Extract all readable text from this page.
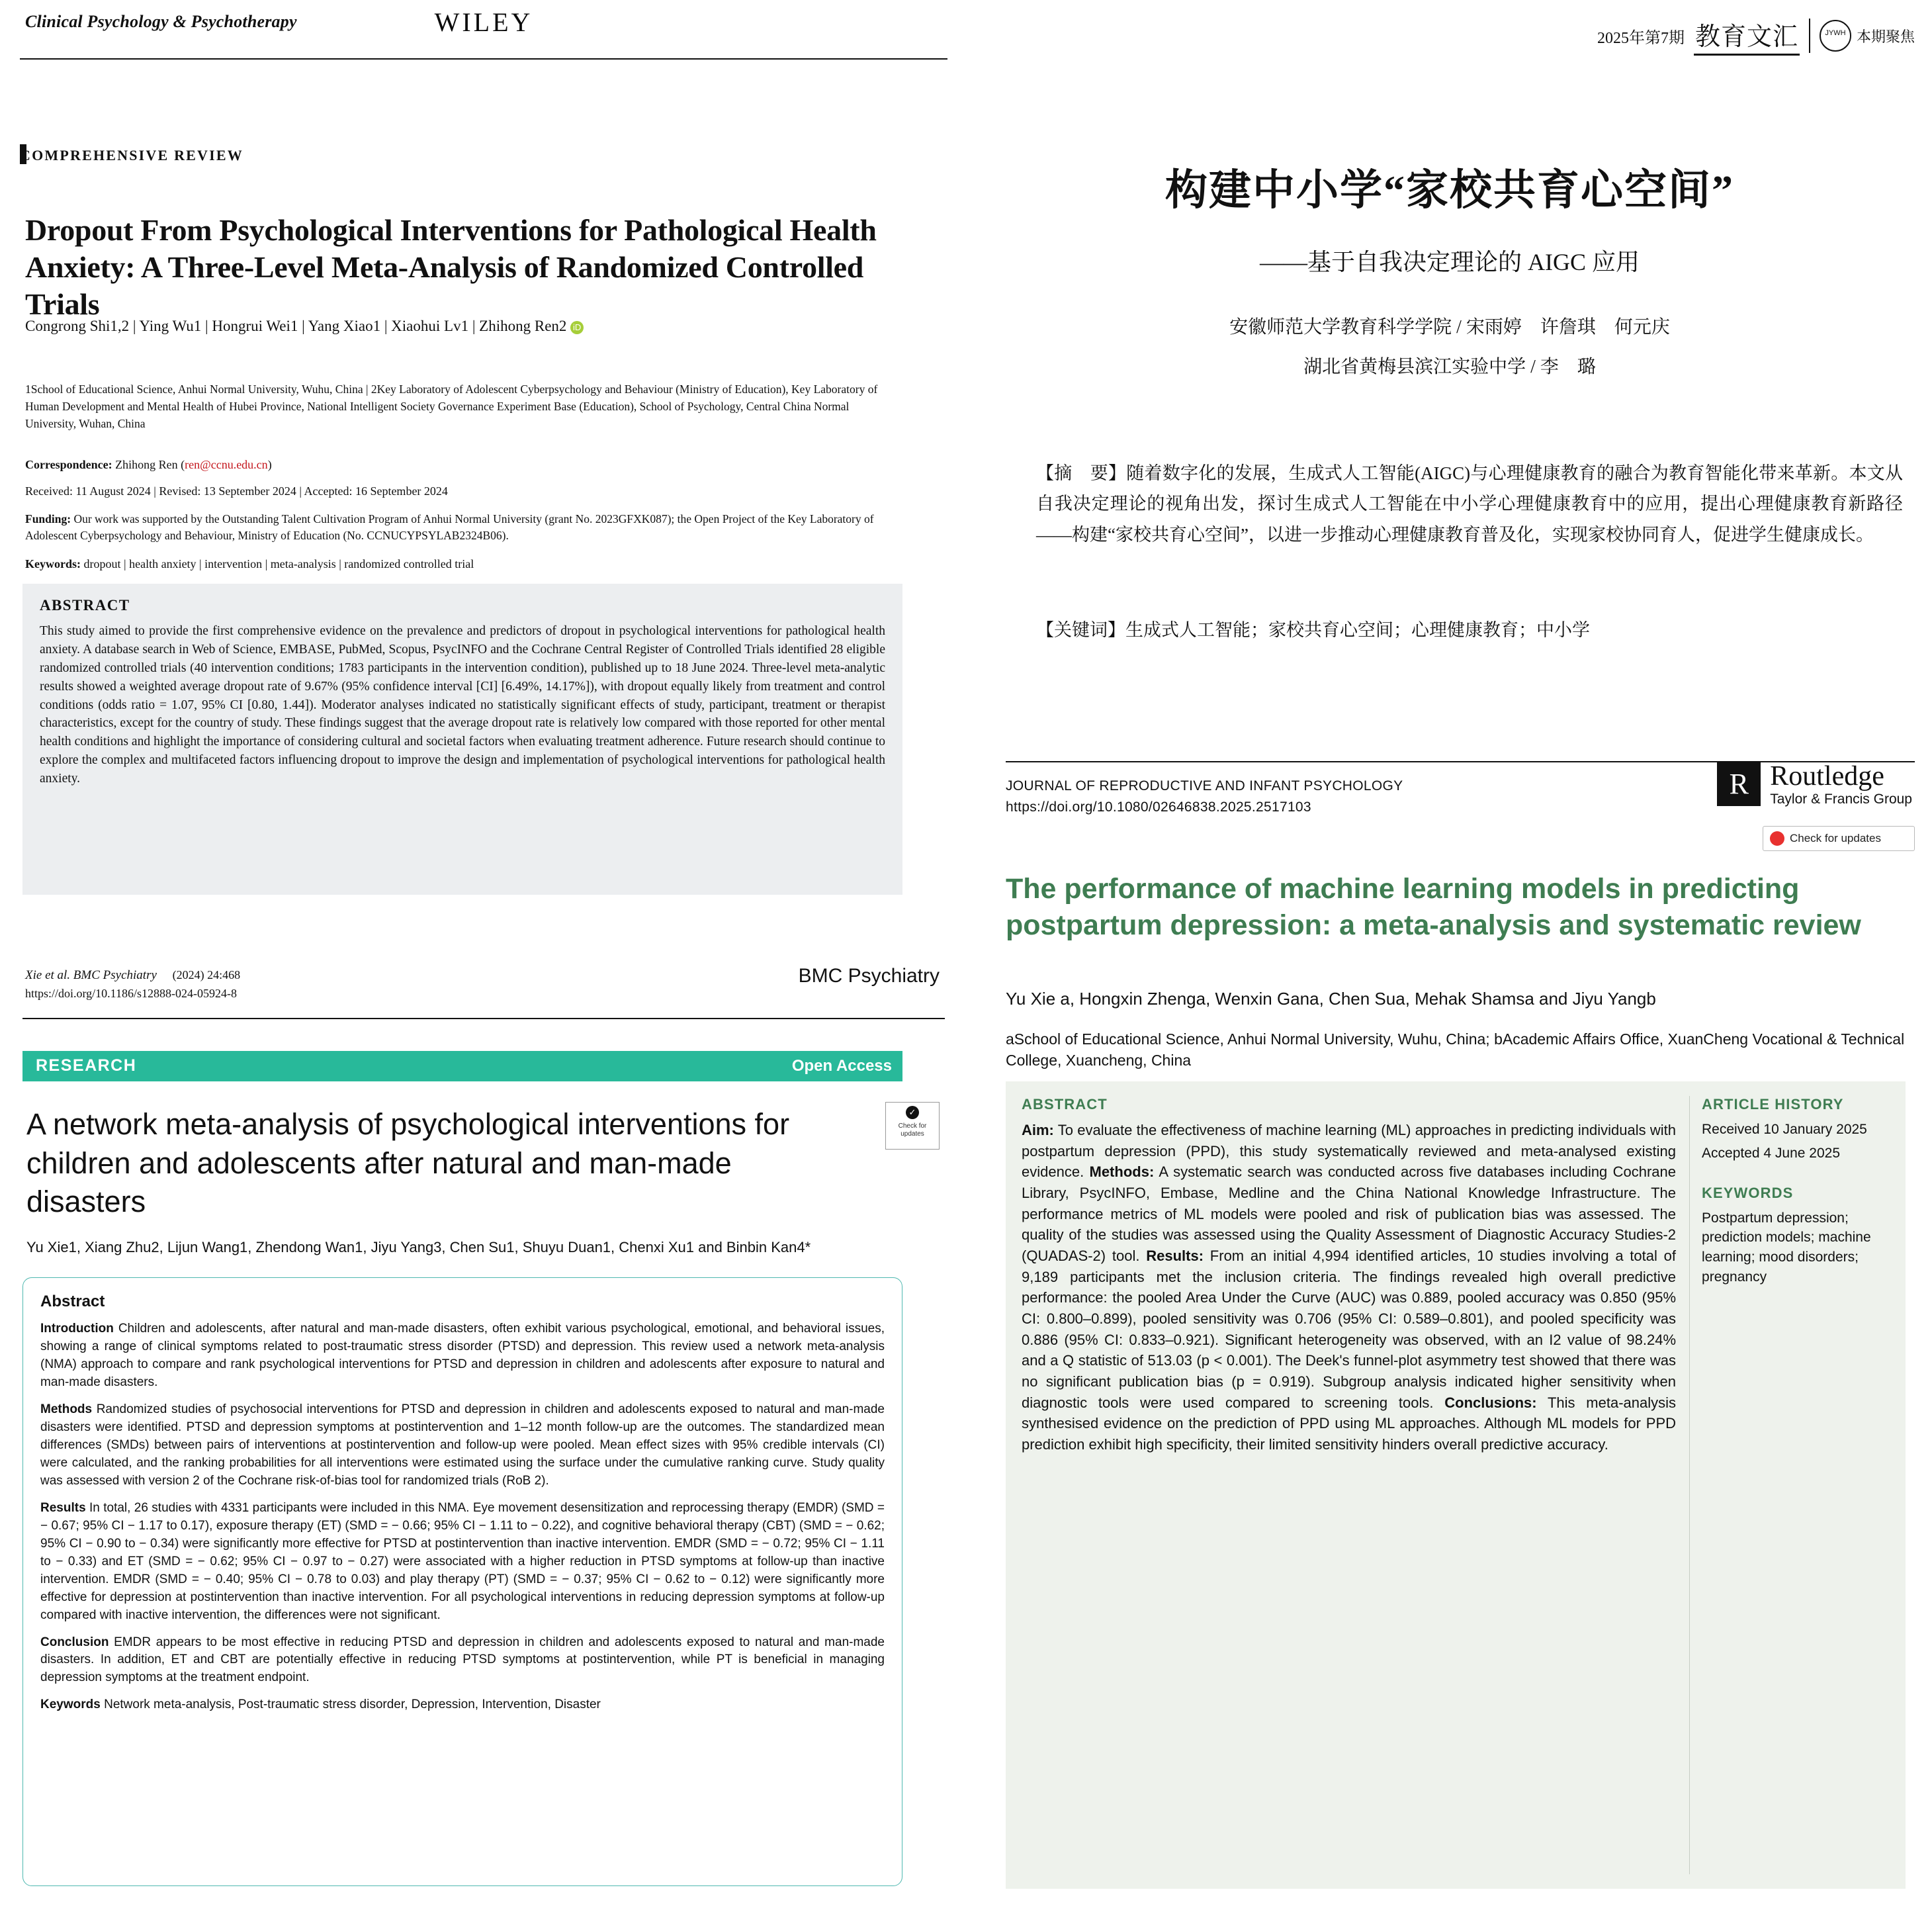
Clinical Psychology & Psychotherapy	WILEY
COMPREHENSIVE REVIEW
Dropout From Psychological Interventions for Pathological Health Anxiety: A Three-Level Meta-Analysis of Randomized Controlled Trials
Congrong Shi1,2 | Ying Wu1 | Hongrui Wei1 | Yang Xiao1 | Xiaohui Lv1 | Zhihong Ren2 iD
1School of Educational Science, Anhui Normal University, Wuhu, China | 2Key Laboratory of Adolescent Cyberpsychology and Behaviour (Ministry of Education), Key Laboratory of Human Development and Mental Health of Hubei Province, National Intelligent Society Governance Experiment Base (Education), School of Psychology, Central China Normal University, Wuhan, China
Correspondence: Zhihong Ren (ren@ccnu.edu.cn)
Received: 11 August 2024 | Revised: 13 September 2024 | Accepted: 16 September 2024
Funding: Our work was supported by the Outstanding Talent Cultivation Program of Anhui Normal University (grant No. 2023GFXK087); the Open Project of the Key Laboratory of Adolescent Cyberpsychology and Behaviour, Ministry of Education (No. CCNUCYPSYLAB2324B06).
Keywords: dropout | health anxiety | intervention | meta-analysis | randomized controlled trial
ABSTRACT

This study aimed to provide the first comprehensive evidence on the prevalence and predictors of dropout in psychological interventions for pathological health anxiety. A database search in Web of Science, EMBASE, PubMed, Scopus, PsycINFO and the Cochrane Central Register of Controlled Trials identified 28 eligible randomized controlled trials (40 intervention conditions; 1783 participants in the intervention condition), published up to 18 June 2024. Three-level meta-analytic results showed a weighted average dropout rate of 9.67% (95% confidence interval [CI] [6.49%, 14.17%]), with dropout equally likely from treatment and control conditions (odds ratio = 1.07, 95% CI [0.80, 1.44]). Moderator analyses indicated no statistically significant effects of study, participant, treatment or therapist characteristics, except for the country of study. These findings suggest that the average dropout rate is relatively low compared with those reported for other mental health conditions and highlight the importance of considering cultural and societal factors when evaluating treatment adherence. Future research should continue to explore the complex and multifaceted factors influencing dropout to improve the design and implementation of psychological interventions for pathological health anxiety.

Xie et al. BMC Psychiatry (2024) 24:468
https://doi.org/10.1186/s12888-024-05924-8
BMC Psychiatry
RESEARCH	Open Access
A network meta-analysis of psychological interventions for children and adolescents after natural and man-made disasters
✓
Check for updates
Yu Xie1, Xiang Zhu2, Lijun Wang1, Zhendong Wan1, Jiyu Yang3, Chen Su1, Shuyu Duan1, Chenxi Xu1 and Binbin Kan4*
Abstract

Introduction Children and adolescents, after natural and man-made disasters, often exhibit various psychological, emotional, and behavioral issues, showing a range of clinical symptoms related to post-traumatic stress disorder (PTSD) and depression. This review used a network meta-analysis (NMA) approach to compare and rank psychological interventions for PTSD and depression in children and adolescents after exposure to natural and man-made disasters.

Methods Randomized studies of psychosocial interventions for PTSD and depression in children and adolescents exposed to natural and man-made disasters were identified. PTSD and depression symptoms at postintervention and 1–12 month follow-up are the outcomes. The standardized mean differences (SMDs) between pairs of interventions at postintervention and follow-up were pooled. Mean effect sizes with 95% credible intervals (CI) were calculated, and the ranking probabilities for all interventions were estimated using the surface under the cumulative ranking curve. Study quality was assessed with version 2 of the Cochrane risk-of-bias tool for randomized trials (RoB 2).

Results In total, 26 studies with 4331 participants were included in this NMA. Eye movement desensitization and reprocessing therapy (EMDR) (SMD = − 0.67; 95% CI − 1.17 to 0.17), exposure therapy (ET) (SMD = − 0.66; 95% CI − 1.11 to − 0.22), and cognitive behavioral therapy (CBT) (SMD = − 0.62; 95% CI − 0.90 to − 0.34) were significantly more effective for PTSD at postintervention than inactive intervention. EMDR (SMD = − 0.72; 95% CI − 1.11 to − 0.33) and ET (SMD = − 0.62; 95% CI − 0.97 to − 0.27) were associated with a higher reduction in PTSD symptoms at follow-up than inactive intervention. EMDR (SMD = − 0.40; 95% CI − 0.78 to 0.03) and play therapy (PT) (SMD = − 0.37; 95% CI − 0.62 to − 0.12) were significantly more effective for depression at postintervention than inactive intervention. For all psychological interventions in reducing depression symptoms at follow-up compared with inactive intervention, the differences were not significant.

Conclusion EMDR appears to be most effective in reducing PTSD and depression in children and adolescents exposed to natural and man-made disasters. In addition, ET and CBT are potentially effective in reducing PTSD symptoms at postintervention, while PT is beneficial in managing depression symptoms at the treatment endpoint.

Keywords Network meta-analysis, Post-traumatic stress disorder, Depression, Intervention, Disaster

2025年第7期 教育文汇 JYWH	本期聚焦
构建中小学“家校共育心空间”
——基于自我决定理论的 AIGC 应用
安徽师范大学教育科学学院 / 宋雨婷　许詹琪　何元庆
湖北省黄梅县滨江实验中学 / 李　璐
【摘　要】随着数字化的发展，生成式人工智能(AIGC)与心理健康教育的融合为教育智能化带来革新。本文从自我决定理论的视角出发，探讨生成式人工智能在中小学心理健康教育中的应用，提出心理健康教育新路径——构建“家校共育心空间”，以进一步推动心理健康教育普及化，实现家校协同育人，促进学生健康成长。
【关键词】生成式人工智能；家校共育心空间；心理健康教育；中小学
JOURNAL OF REPRODUCTIVE AND INFANT PSYCHOLOGY
https://doi.org/10.1080/02646838.2025.2517103
R Routledge
Taylor & Francis Group
Check for updates
The performance of machine learning models in predicting postpartum depression: a meta-analysis and systematic review
Yu Xie a, Hongxin Zhenga, Wenxin Gana, Chen Sua, Mehak Shamsa and Jiyu Yangb
aSchool of Educational Science, Anhui Normal University, Wuhu, China; bAcademic Affairs Office, XuanCheng Vocational & Technical College, Xuancheng, China
ABSTRACT

Aim: To evaluate the effectiveness of machine learning (ML) approaches in predicting individuals with postpartum depression (PPD), this study systematically reviewed and meta-analysed existing evidence. Methods: A systematic search was conducted across five databases including Cochrane Library, PsycINFO, Embase, Medline and the China National Knowledge Infrastructure. The performance metrics of ML models were pooled and risk of publication bias was assessed. The quality of the studies was assessed using the Quality Assessment of Diagnostic Accuracy Studies-2 (QUADAS-2) tool. Results: From an initial 4,994 identified articles, 10 studies involving a total of 9,189 participants met the inclusion criteria. The findings revealed high overall predictive performance: the pooled Area Under the Curve (AUC) was 0.889, pooled accuracy was 0.850 (95% CI: 0.800–0.899), pooled sensitivity was 0.706 (95% CI: 0.589–0.801), and pooled specificity was 0.886 (95% CI: 0.833–0.921). Significant heterogeneity was observed, with an I2 value of 98.24% and a Q statistic of 513.03 (p < 0.001). The Deek's funnel-plot asymmetry test showed that there was no significant publication bias (p = 0.919). Subgroup analysis indicated higher sensitivity when diagnostic tools were used compared to screening tools. Conclusions: This meta-analysis synthesised evidence on the prediction of PPD using ML approaches. Although ML models for PPD prediction exhibit high specificity, their limited sensitivity hinders overall predictive accuracy.

ARTICLE HISTORY

Received 10 January 2025

Accepted 4 June 2025

KEYWORDS

Postpartum depression; prediction models; machine learning; mood disorders; pregnancy
